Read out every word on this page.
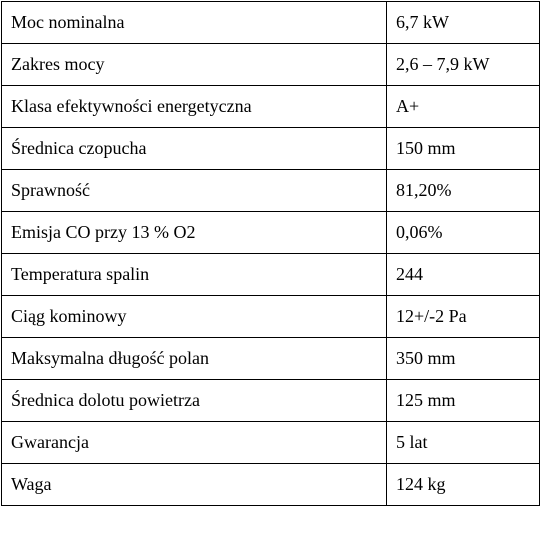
Moc nominalna	6,7 kW
Zakres mocy	2,6 – 7,9 kW
Klasa efektywności energetyczna	A+
Średnica czopucha	150 mm
Sprawność	81,20%
Emisja CO przy 13 % O2	0,06%
Temperatura spalin	244
Ciąg kominowy	12+/-2 Pa
Maksymalna długość polan	350 mm
Średnica dolotu powietrza	125 mm
Gwarancja	5 lat
Waga	124 kg
